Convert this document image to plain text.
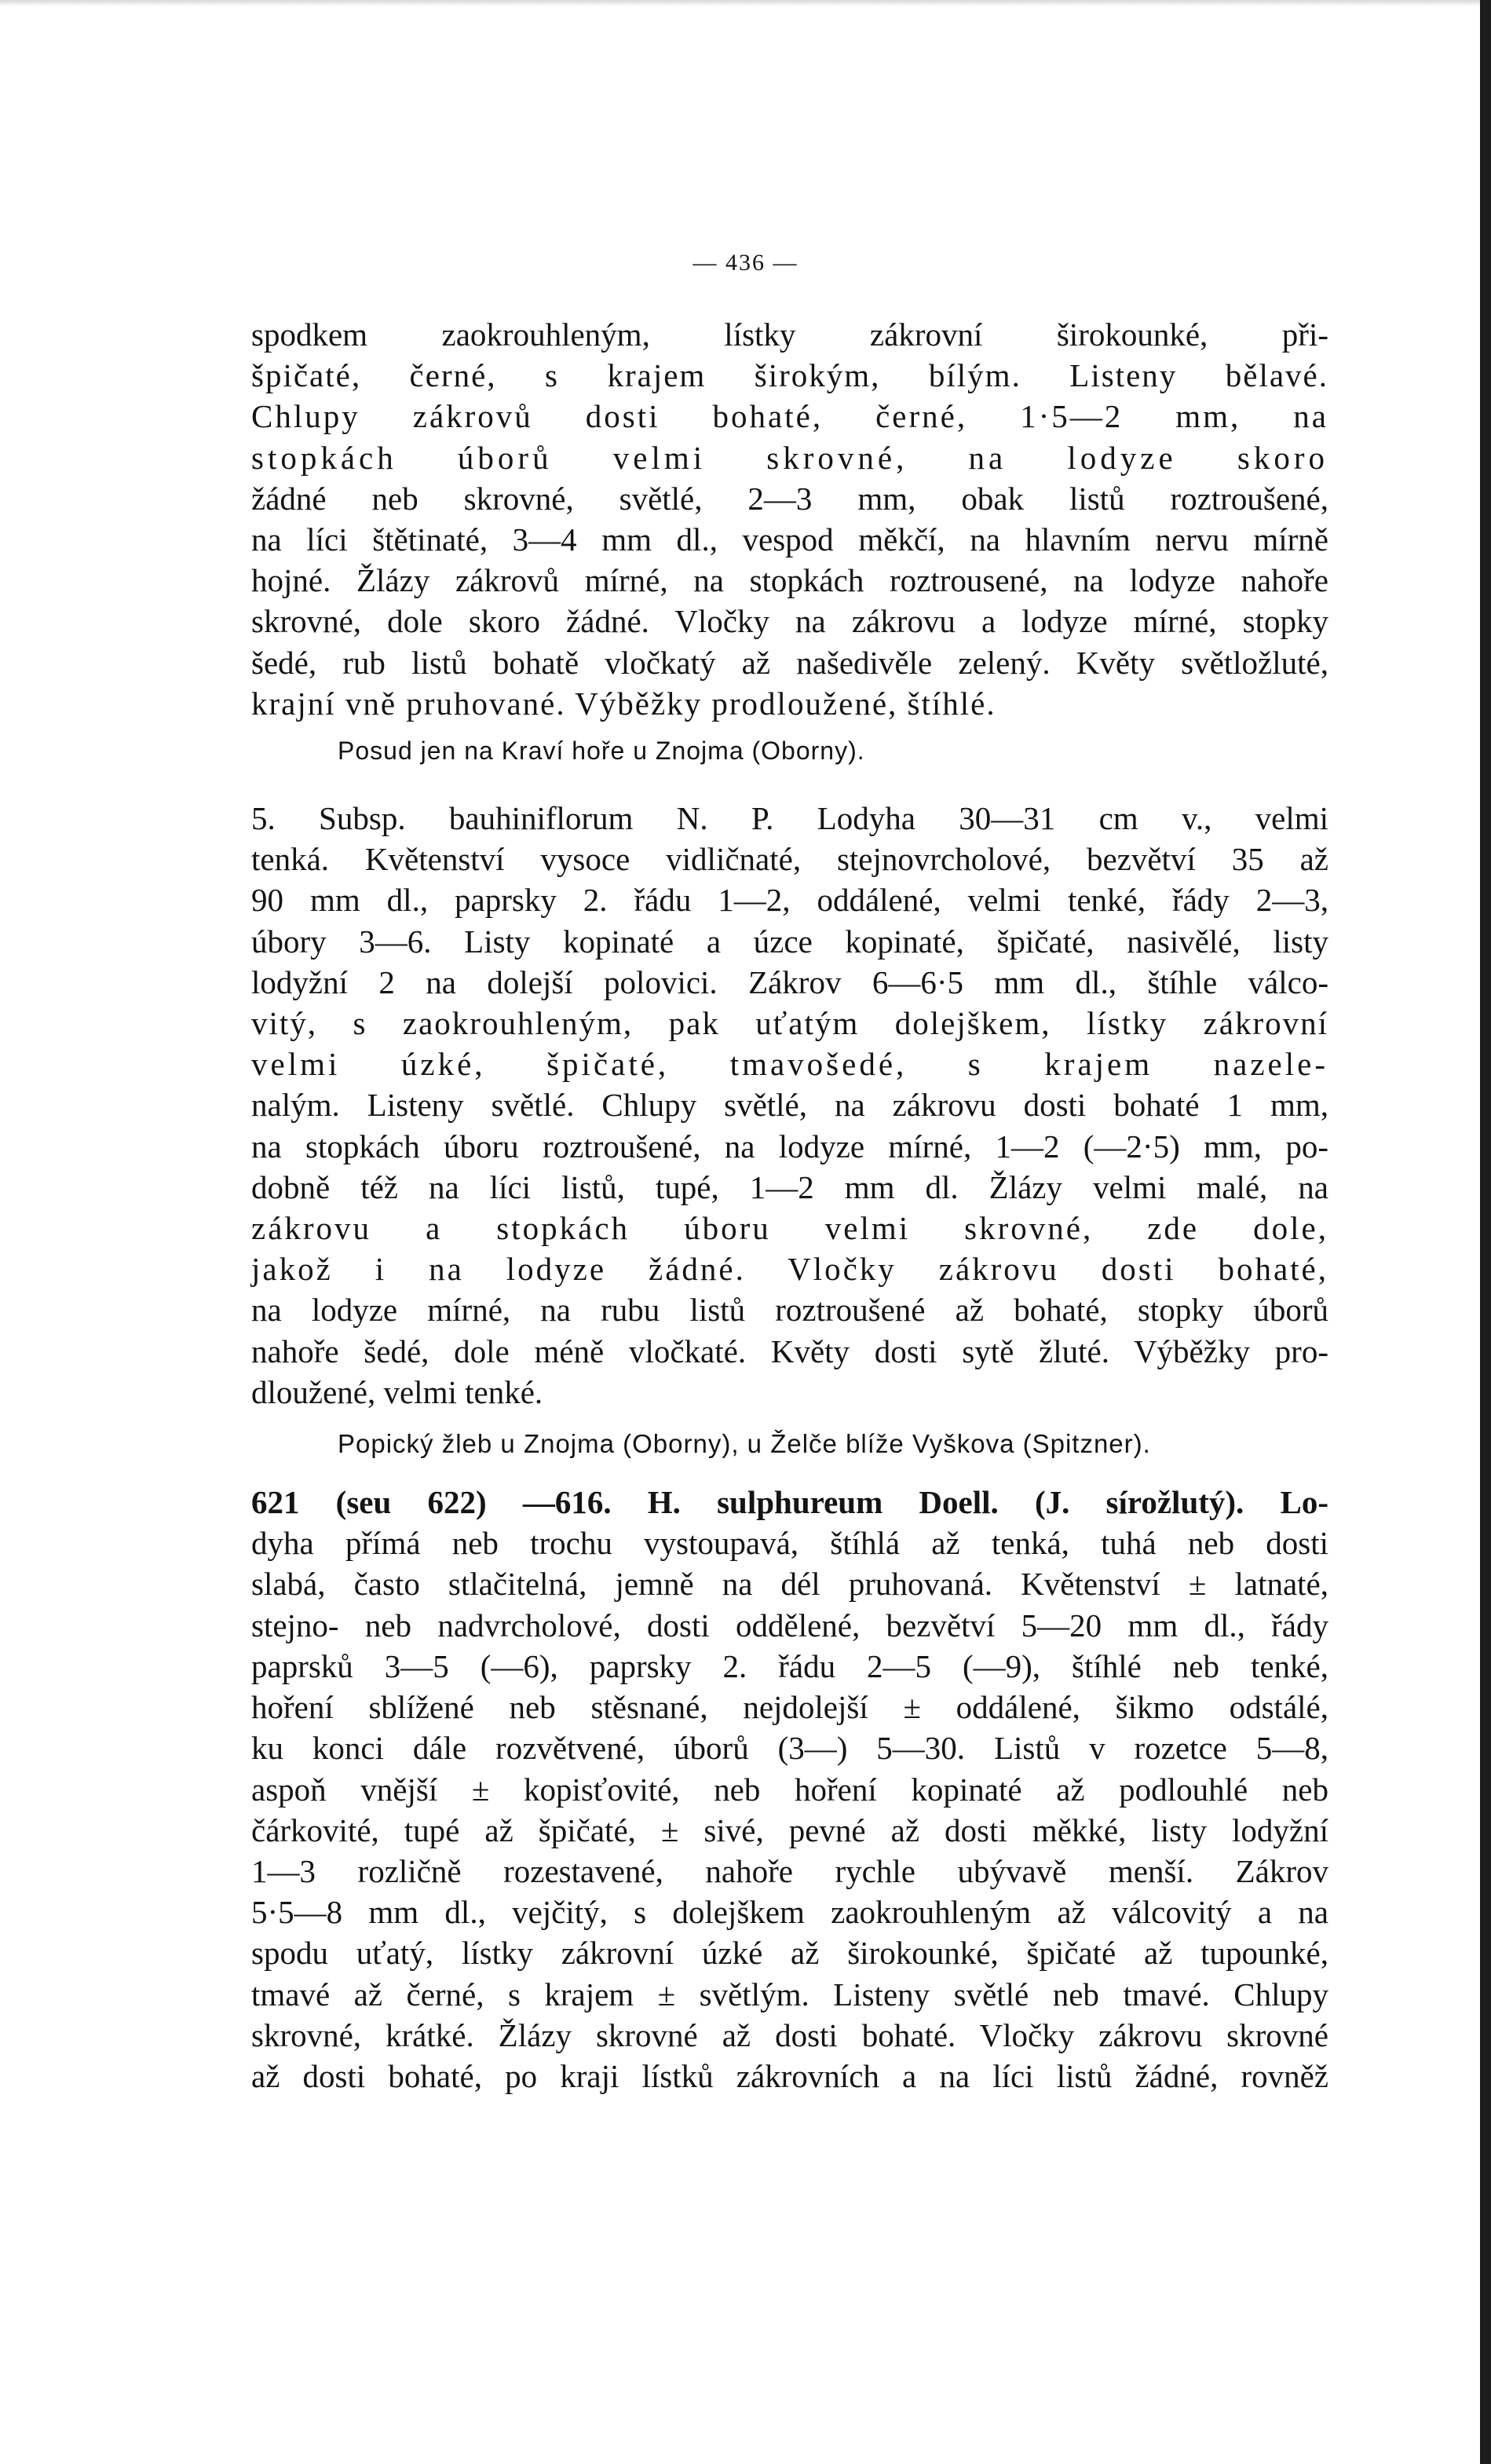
— 436 —
spodkem zaokrouhleným, lístky zákrovní širokounké, při-
špičaté, černé, s krajem širokým, bílým. Listeny bělavé.
Chlupy zákrovů dosti bohaté, černé, 1·5—2 mm, na
stopkách úborů velmi skrovné, na lodyze skoro
žádné neb skrovné, světlé, 2—3 mm, obak listů roztroušené,
na líci štětinaté, 3—4 mm dl., vespod měkčí, na hlavním nervu mírně
hojné. Žlázy zákrovů mírné, na stopkách roztrousené, na lodyze nahoře
skrovné, dole skoro žádné. Vločky na zákrovu a lodyze mírné, stopky
šedé, rub listů bohatě vločkatý až našedivěle zelený. Květy světložluté,
krajní vně pruhované. Výběžky prodloužené, štíhlé.
Posud jen na Kraví hoře u Znojma (Oborny).
5. Subsp. bauhiniflorum N. P. Lodyha 30—31 cm v., velmi
tenká. Květenství vysoce vidličnaté, stejnovrcholové, bezvětví 35 až
90 mm dl., paprsky 2. řádu 1—2, oddálené, velmi tenké, řády 2—3,
úbory 3—6. Listy kopinaté a úzce kopinaté, špičaté, nasivělé, listy
lodyžní 2 na dolejší polovici. Zákrov 6—6·5 mm dl., štíhle válco-
vitý, s zaokrouhleným, pak uťatým dolejškem, lístky zákrovní
velmi úzké, špičaté, tmavošedé, s krajem nazele-
nalým. Listeny světlé. Chlupy světlé, na zákrovu dosti bohaté 1 mm,
na stopkách úboru roztroušené, na lodyze mírné, 1—2 (—2·5) mm, po-
dobně též na líci listů, tupé, 1—2 mm dl. Žlázy velmi malé, na
zákrovu a stopkách úboru velmi skrovné, zde dole,
jakož i na lodyze žádné. Vločky zákrovu dosti bohaté,
na lodyze mírné, na rubu listů roztroušené až bohaté, stopky úborů
nahoře šedé, dole méně vločkaté. Květy dosti sytě žluté. Výběžky pro-
dloužené, velmi tenké.
Popický žleb u Znojma (Oborny), u Želče blíže Vyškova (Spitzner).
621 (seu 622) —616. H. sulphureum Doell. (J. sírožlutý). Lo-
dyha přímá neb trochu vystoupavá, štíhlá až tenká, tuhá neb dosti
slabá, často stlačitelná, jemně na dél pruhovaná. Květenství ± latnaté,
stejno- neb nadvrcholové, dosti oddělené, bezvětví 5—20 mm dl., řády
paprsků 3—5 (—6), paprsky 2. řádu 2—5 (—9), štíhlé neb tenké,
hoření sblížené neb stěsnané, nejdolejší ± oddálené, šikmo odstálé,
ku konci dále rozvětvené, úborů (3—) 5—30. Listů v rozetce 5—8,
aspoň vnější ± kopisťovité, neb hoření kopinaté až podlouhlé neb
čárkovité, tupé až špičaté, ± sivé, pevné až dosti měkké, listy lodyžní
1—3 rozličně rozestavené, nahoře rychle ubývavě menší. Zákrov
5·5—8 mm dl., vejčitý, s dolejškem zaokrouhleným až válcovitý a na
spodu uťatý, lístky zákrovní úzké až širokounké, špičaté až tupounké,
tmavé až černé, s krajem ± světlým. Listeny světlé neb tmavé. Chlupy
skrovné, krátké. Žlázy skrovné až dosti bohaté. Vločky zákrovu skrovné
až dosti bohaté, po kraji lístků zákrovních a na líci listů žádné, rovněž
